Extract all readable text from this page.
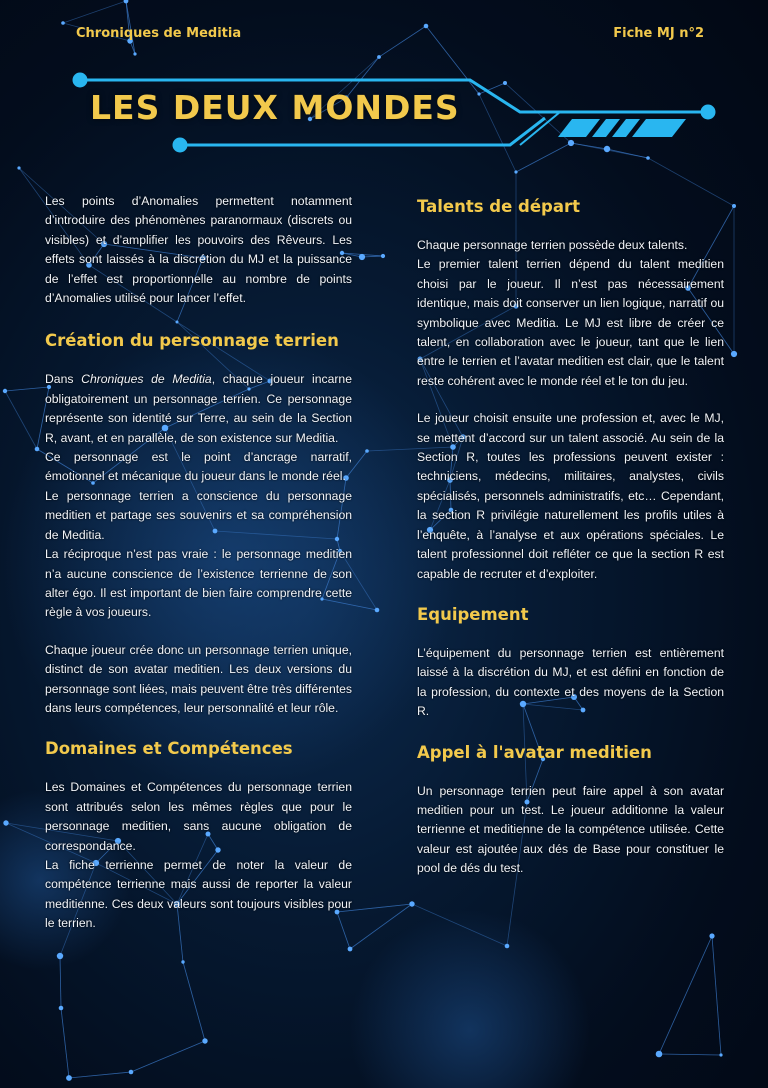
Chroniques de Meditia	Fiche MJ n°2
LES DEUX MONDES

Les points d’Anomalies permettent notamment d’introduire des phénomènes paranormaux (discrets ou visibles) et d’amplifier les pouvoirs des Rêveurs. Les effets sont laissés à la discrétion du MJ et la puissance de l’effet est proportionnelle au nombre de points d’Anomalies utilisé pour lancer l’effet.

Création du personnage terrien

Dans Chroniques de Meditia, chaque joueur incarne obligatoirement un personnage terrien. Ce personnage représente son identité sur Terre, au sein de la Section R, avant, et en parallèle, de son existence sur Meditia.

Ce personnage est le point d’ancrage narratif, émotionnel et mécanique du joueur dans le monde réel.

Le personnage terrien a conscience du personnage meditien et partage ses souvenirs et sa compréhension de Meditia.

La réciproque n’est pas vraie : le personnage meditien n’a aucune conscience de l’existence terrienne de son alter égo. Il est important de bien faire comprendre cette règle à vos joueurs.

Chaque joueur crée donc un personnage terrien unique, distinct de son avatar meditien. Les deux versions du personnage sont liées, mais peuvent être très différentes dans leurs compétences, leur personnalité et leur rôle.

Domaines et Compétences

Les Domaines et Compétences du personnage terrien sont attribués selon les mêmes règles que pour le personnage meditien, sans aucune obligation de correspondance.

La fiche terrienne permet de noter la valeur de compétence terrienne mais aussi de reporter la valeur meditienne. Ces deux valeurs sont toujours visibles pour le terrien.

Talents de départ

Chaque personnage terrien possède deux talents.

Le premier talent terrien dépend du talent meditien choisi par le joueur. Il n’est pas nécessairement identique, mais doit conserver un lien logique, narratif ou symbolique avec Meditia. Le MJ est libre de créer ce talent, en collaboration avec le joueur, tant que le lien entre le terrien et l’avatar meditien est clair, que le talent reste cohérent avec le monde réel et le ton du jeu.

Le joueur choisit ensuite une profession et, avec le MJ, se mettent d’accord sur un talent associé. Au sein de la Section R, toutes les professions peuvent exister : techniciens, médecins, militaires, analystes, civils spécialisés, personnels administratifs, etc… Cependant, la section R privilégie naturellement les profils utiles à l’enquête, à l’analyse et aux opérations spéciales. Le talent professionnel doit refléter ce que la section R est capable de recruter et d’exploiter.

Equipement

L’équipement du personnage terrien est entièrement laissé à la discrétion du MJ, et est défini en fonction de la profession, du contexte et des moyens de la Section R.

Appel à l'avatar meditien

Un personnage terrien peut faire appel à son avatar meditien pour un test. Le joueur additionne la valeur terrienne et meditienne de la compétence utilisée. Cette valeur est ajoutée aux dés de Base pour constituer le pool de dés du test.
